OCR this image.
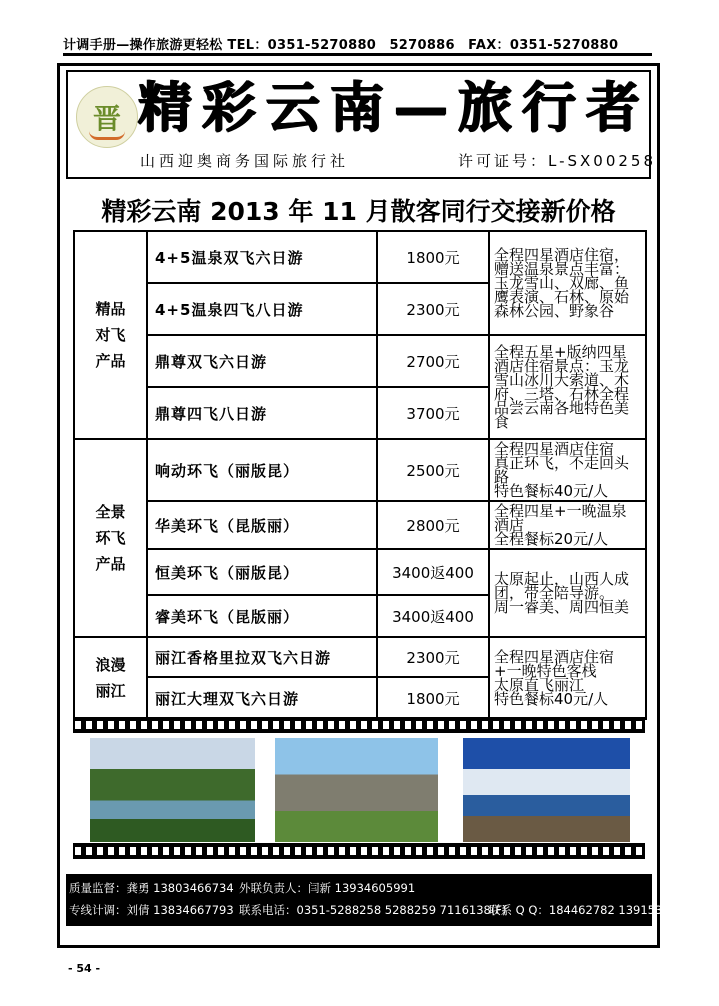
计调手册—操作旅游更轻松 TEL：0351-5270880　5270886　FAX：0351-5270880
晋 精彩云南—旅行者
山西迎奥商务国际旅行社	许可证号：L-SX00258
精彩云南 2013 年 11 月散客同行交接新价格
精品
对飞
产品	4+5温泉双飞六日游	1800元	全程四星酒店住宿，赠送温泉景点丰富：玉龙雪山、双廊、鱼鹰表演、石林、原始森林公园、野象谷
	4+5温泉四飞八日游	2300元	
	鼎尊双飞六日游	2700元	全程五星+版纳四星酒店住宿景点：玉龙雪山冰川大索道、木府、三塔、石林全程品尝云南各地特色美食
	鼎尊四飞八日游	3700元	
全景
环飞
产品	响动环飞（丽版昆）	2500元	全程四星酒店住宿
真正环飞，不走回头路
特色餐标40元/人
	华美环飞（昆版丽）	2800元	全程四星+一晚温泉酒店
全程餐标20元/人
	恒美环飞（丽版昆）	3400返400	太原起止，山西人成团，带全陪导游。
周一睿美、周四恒美
	睿美环飞（昆版丽）	3400返400	
浪漫
丽江	丽江香格里拉双飞六日游	2300元	全程四星酒店住宿+一晚特色客栈
太原直飞丽江
特色餐标40元/人
	丽江大理双飞六日游	1800元	
质量监督：龚勇 13803466734 外联负责人：闫新 13934605991
专线计调：刘倩 13834667793 联系电话：0351-5288258 5288259 7116138(F)
联系 Q Q：184462782 1391533002
- 54 -
